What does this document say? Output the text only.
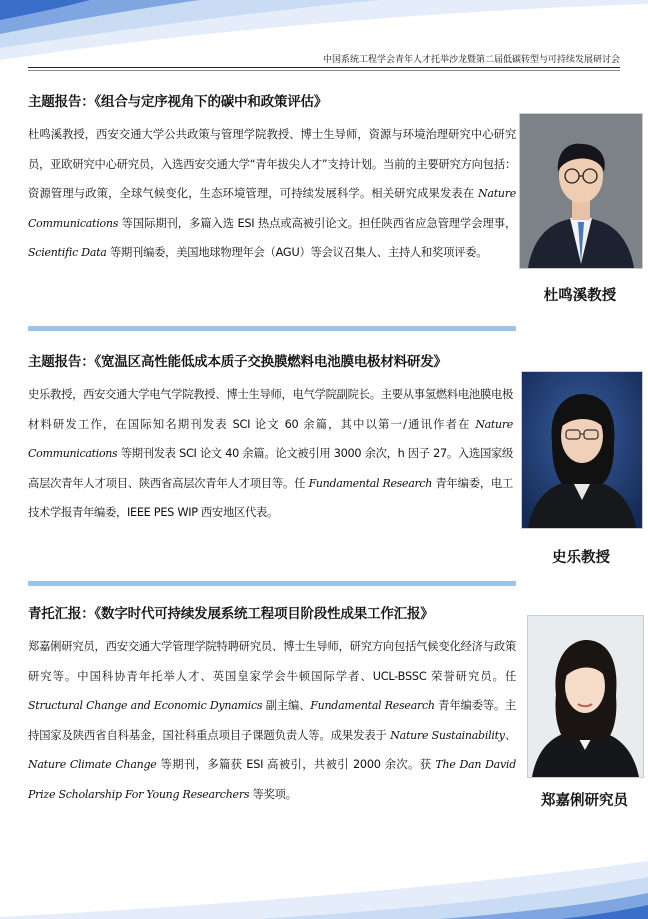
中国系统工程学会青年人才托举沙龙暨第二届低碳转型与可持续发展研讨会
主题报告：《组合与定序视角下的碳中和政策评估》
杜鸣溪教授，西安交通大学公共政策与管理学院教授、博士生导师，资源与环境治理研究中心研究员，亚欧研究中心研究员，入选西安交通大学“青年拔尖人才”支持计划。当前的主要研究方向包括：资源管理与政策，全球气候变化，生态环境管理，可持续发展科学。相关研究成果发表在 Nature Communications 等国际期刊，多篇入选 ESI 热点或高被引论文。担任陕西省应急管理学会理事，Scientific Data 等期刊编委，美国地球物理年会（AGU）等会议召集人、主持人和奖项评委。
杜鸣溪教授
主题报告：《宽温区高性能低成本质子交换膜燃料电池膜电极材料研发》
史乐教授，西安交通大学电气学院教授、博士生导师，电气学院副院长。主要从事氢燃料电池膜电极材料研发工作，在国际知名期刊发表 SCI 论文 60 余篇，其中以第一/通讯作者在 Nature Communications 等期刊发表 SCI 论文 40 余篇。论文被引用 3000 余次，h 因子 27。入选国家级高层次青年人才项目、陕西省高层次青年人才项目等。任 Fundamental Research 青年编委，电工技术学报青年编委，IEEE PES WIP 西安地区代表。
史乐教授
青托汇报：《数字时代可持续发展系统工程项目阶段性成果工作汇报》
郑嘉俐研究员，西安交通大学管理学院特聘研究员、博士生导师，研究方向包括气候变化经济与政策研究等。中国科协青年托举人才、英国皇家学会牛顿国际学者、UCL-BSSC 荣誉研究员。任 Structural Change and Economic Dynamics 副主编、Fundamental Research 青年编委等。主持国家及陕西省自科基金，国社科重点项目子课题负责人等。成果发表于 Nature Sustainability、Nature Climate Change 等期刊，多篇获 ESI 高被引，共被引 2000 余次。获 The Dan David Prize Scholarship For Young Researchers 等奖项。	郑嘉俐研究员
